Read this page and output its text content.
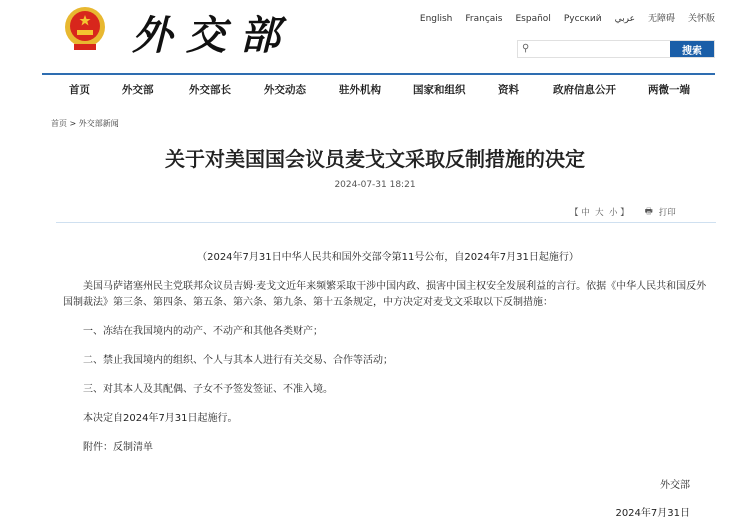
外交部	English Français Español Русский عربي 无障碍 关怀版
⚲	搜索
首页	外交部	外交部长	外交动态	驻外机构	国家和组织	资料	政府信息公开	两微一端
首页 > 外交部新闻
关于对美国国会议员麦戈文采取反制措施的决定
2024-07-31 18:21
【 中  大  小 】 🖶 打印

（2024年7月31日中华人民共和国外交部令第11号公布，自2024年7月31日起施行）

美国马萨诸塞州民主党联邦众议员吉姆·麦戈文近年来频繁采取干涉中国内政、损害中国主权安全发展利益的言行。依据《中华人民共和国反外国制裁法》第三条、第四条、第五条、第六条、第九条、第十五条规定，中方决定对麦戈文采取以下反制措施：

一、冻结在我国境内的动产、不动产和其他各类财产；

二、禁止我国境内的组织、个人与其本人进行有关交易、合作等活动；

三、对其本人及其配偶、子女不予签发签证、不准入境。

本决定自2024年7月31日起施行。

附件：反制清单

外交部
2024年7月31日
